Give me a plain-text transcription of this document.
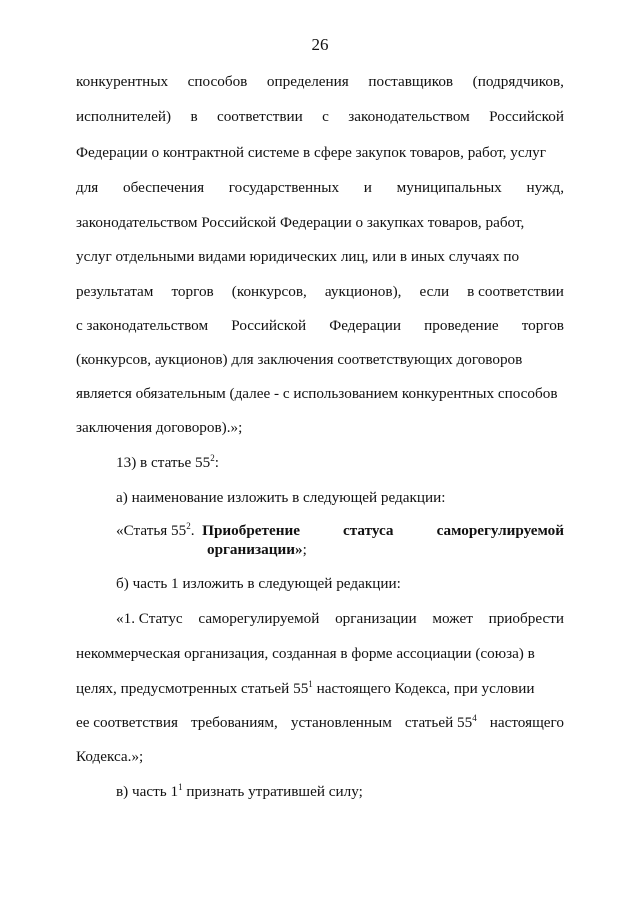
26
конкурентных способов определения поставщиков (подрядчиков,
исполнителей) в соответствии с законодательством Российской
Федерации о контрактной системе в сфере закупок товаров, работ, услуг
для обеспечения государственных и муниципальных нужд,
законодательством Российской Федерации о закупках товаров, работ,
услуг отдельными видами юридических лиц, или в иных случаях по
результатам торгов (конкурсов, аукционов), если в соответствии
с законодательством Российской Федерации проведение торгов
(конкурсов, аукционов) для заключения соответствующих договоров
является обязательным (далее - с использованием конкурентных способов
заключения договоров).»;
13) в статье $55^2$:
а) наименование изложить в следующей редакции:
«Статья $55^2$. Приобретение	статуса	саморегулируемой
организации»;
б) часть 1 изложить в следующей редакции:
«1. Статус саморегулируемой организации может приобрести
некоммерческая организация, созданная в форме ассоциации (союза) в
целях, предусмотренных статьей $55^1$ настоящего Кодекса, при условии
ее соответствия требованиям, установленным статьей $55^4$ настоящего
Кодекса.»;
в) часть $1^1$ признать утратившей силу;
